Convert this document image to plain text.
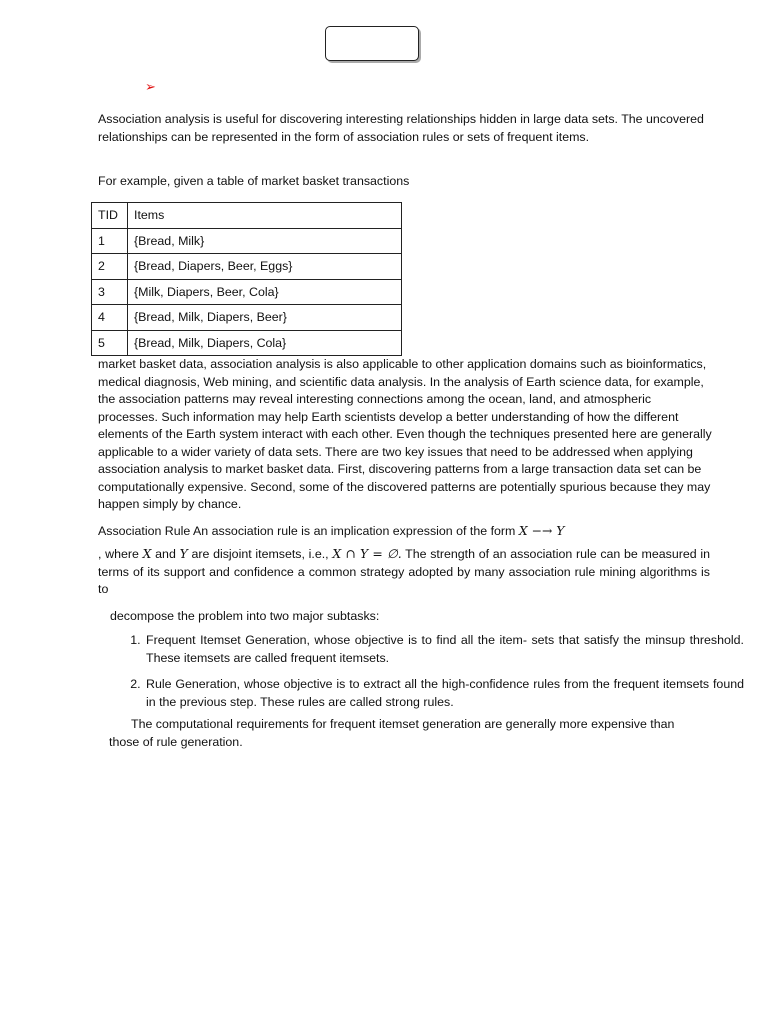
➢
Association analysis is useful for discovering interesting relationships hidden in large data sets. The uncovered relationships can be represented in the form of association rules or sets of frequent items.
For example, given a table of market basket transactions
TID	Items
1	{Bread, Milk}
2	{Bread, Diapers, Beer, Eggs}
3	{Milk, Diapers, Beer, Cola}
4	{Bread, Milk, Diapers, Beer}
5	{Bread, Milk, Diapers, Cola}
market basket data, association analysis is also applicable to other application domains such as bioinformatics, medical diagnosis, Web mining, and scientific data analysis. In the analysis of Earth science data, for example, the association patterns may reveal interesting connections among the ocean, land, and atmospheric processes. Such information may help Earth scientists develop a better understanding of how the different elements of the Earth system interact with each other. Even though the techniques presented here are generally applicable to a wider variety of data sets. There are two key issues that need to be addressed when applying association analysis to market basket data. First, discovering patterns from a large transaction data set can be computationally expensive. Second, some of the discovered patterns are potentially spurious because they may happen simply by chance.
Association Rule An association rule is an implication expression of the form X −→ Y
, where X and Y are disjoint itemsets, i.e., X ∩ Y = ∅. The strength of an association rule can be measured in terms of its support and confidence a common strategy adopted by many association rule mining algorithms is to
decompose the problem into two major subtasks:
1. Frequent Itemset Generation, whose objective is to find all the item- sets that satisfy the minsup threshold. These itemsets are called frequent itemsets.
2. Rule Generation, whose objective is to extract all the high-confidence rules from the frequent itemsets found in the previous step. These rules are called strong rules.
The computational requirements for frequent itemset generation are generally more expensive than those of rule generation.
